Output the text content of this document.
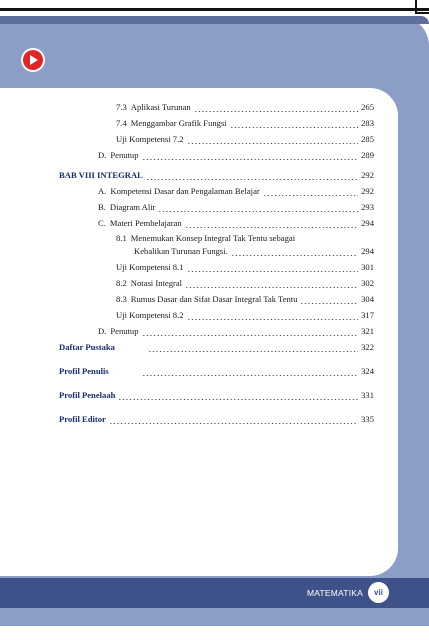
7.3 Aplikasi Turunan	265
7.4 Menggambar Grafik Fungsi	283
Uji Kompetensi 7.2	285
D. Penutup	289
BAB VIII INTEGRAL	292
A. Kompetensi Dasar dan Pengalaman Belajar	292
B. Diagram Alir	293
C. Materi Pembelajaran	294
8.1 Menemukan Konsep Integral Tak Tentu sebagai
Kebalikan Turunan Fungsi.	294
Uji Kompetensi 8.1	301
8.2 Notasi Integral	302
8.3 Rumus Dasar dan Sifat Dasar Integral Tak Tentu	304
Uji Kompetensi 8.2	317
D. Penutup	321
Daftar Pustaka	322
Profil Penulis	324
Profil Penelaah	331
Profil Editor	335
MATEMATIKA	vii
